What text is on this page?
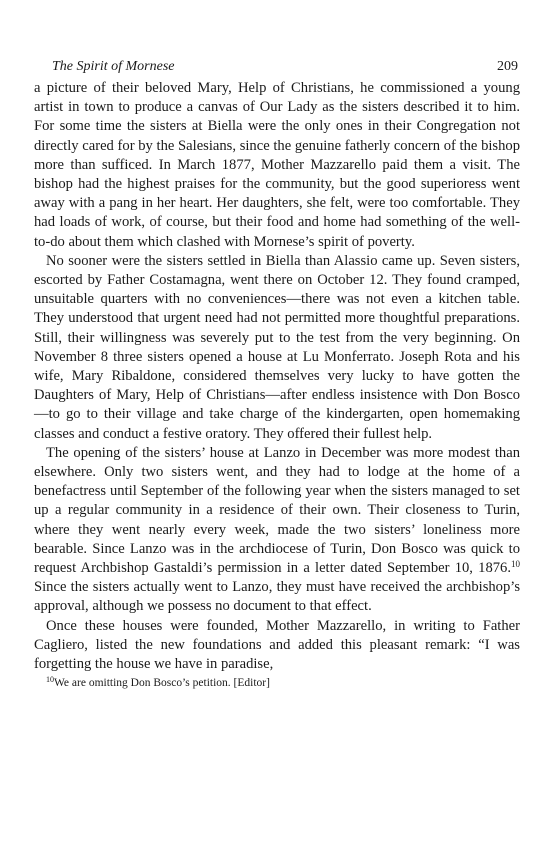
The Spirit of Mornese	209

a picture of their beloved Mary, Help of Christians, he commissioned a young artist in town to produce a canvas of Our Lady as the sisters described it to him. For some time the sisters at Biella were the only ones in their Congregation not directly cared for by the Salesians, since the genuine fatherly concern of the bishop more than sufficed. In March 1877, Mother Mazzarello paid them a visit. The bishop had the highest praises for the community, but the good superioress went away with a pang in her heart. Her daughters, she felt, were too comfortable. They had loads of work, of course, but their food and home had something of the well-to-do about them which clashed with Mornese’s spirit of poverty.

No sooner were the sisters settled in Biella than Alassio came up. Seven sisters, escorted by Father Costamagna, went there on October 12. They found cramped, unsuitable quarters with no conveniences—there was not even a kitchen table. They understood that urgent need had not permitted more thoughtful preparations. Still, their willingness was severely put to the test from the very beginning. On November 8 three sisters opened a house at Lu Monferrato. Joseph Rota and his wife, Mary Ribaldone, considered themselves very lucky to have gotten the Daughters of Mary, Help of Christians—after endless insistence with Don Bosco—to go to their village and take charge of the kindergarten, open homemaking classes and conduct a festive oratory. They offered their fullest help.

The opening of the sisters’ house at Lanzo in December was more modest than elsewhere. Only two sisters went, and they had to lodge at the home of a benefactress until September of the following year when the sisters managed to set up a regular community in a residence of their own. Their closeness to Turin, where they went nearly every week, made the two sisters’ loneliness more bearable. Since Lanzo was in the archdiocese of Turin, Don Bosco was quick to request Archbishop Gastaldi’s permission in a letter dated September 10, 1876.10 Since the sisters actually went to Lanzo, they must have received the archbishop’s approval, although we possess no document to that effect.

Once these houses were founded, Mother Mazzarello, in writing to Father Cagliero, listed the new foundations and added this pleasant remark: “I was forgetting the house we have in paradise,

$^{10}$We are omitting Don Bosco’s petition. [Editor]
